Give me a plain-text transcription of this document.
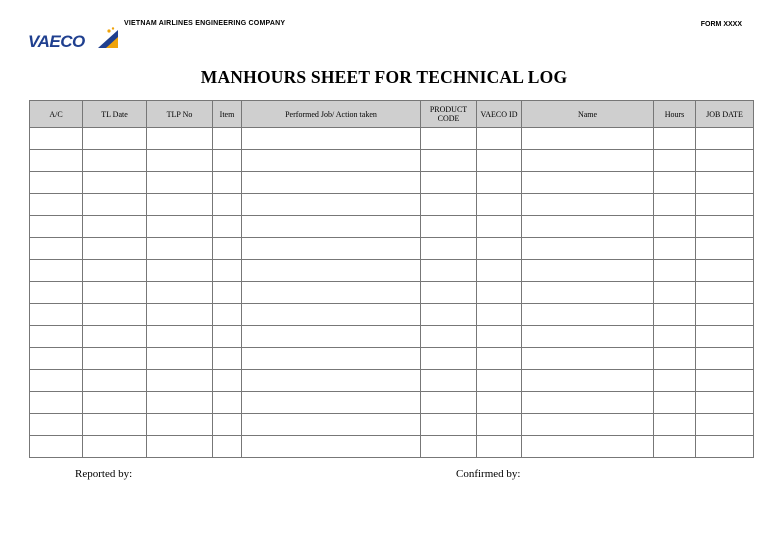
VAECO
VIETNAM AIRLINES ENGINEERING COMPANY	FORM XXXX
MANHOURS SHEET FOR TECHNICAL LOG
A/C	TL Date	TLP No	Item	Performed Job/ Action taken	PRODUCT CODE	VAECO ID	Name	Hours	JOB DATE

Reported by:	Confirmed by:
